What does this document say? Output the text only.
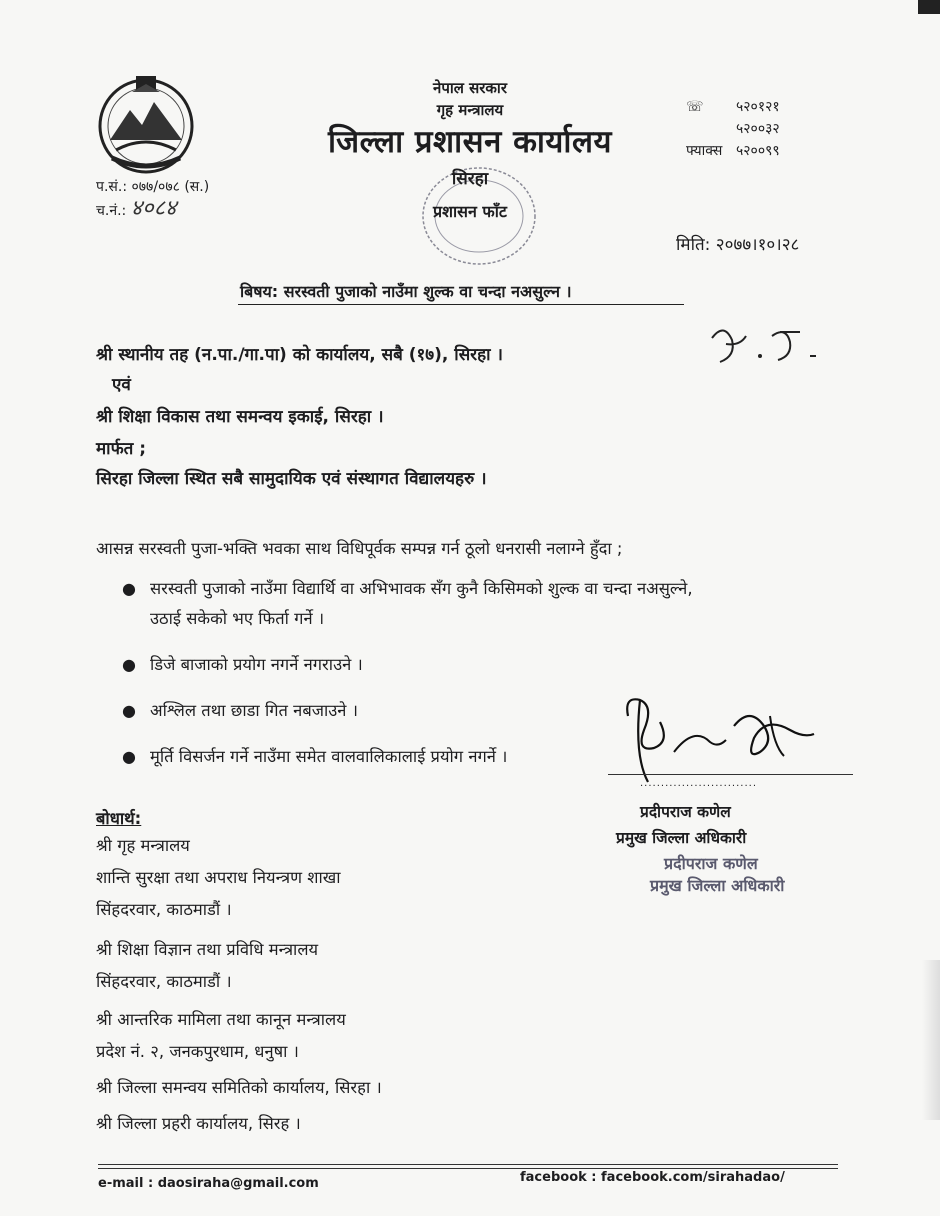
नेपाल सरकार
गृह मन्त्रालय
जिल्ला प्रशासन कार्यालय
सिरहा
प्रशासन फाँट
☏	५२०१२१
५२००३२
फ्याक्स ५२००९९
प.सं.: ०७७/०७८ (स.)
च.नं.: ४०८४
मिति: २०७७।१०।२८
बिषय: सरस्वती पुजाको नाउँमा शुल्क वा चन्दा नअसुल्न ।
श्री स्थानीय तह (न.पा./गा.पा) को कार्यालय, सबै (१७), सिरहा ।
एवं
श्री शिक्षा विकास तथा समन्वय इकाई, सिरहा ।
मार्फत ;
सिरहा जिल्ला स्थित सबै सामुदायिक एवं संस्थागत विद्यालयहरु ।
आसन्न सरस्वती पुजा-भक्ति भवका साथ विधिपूर्वक सम्पन्न गर्न ठूलो धनरासी नलाग्ने हुँदा ;
● सरस्वती पुजाको नाउँमा विद्यार्थि वा अभिभावक सँग कुनै किसिमको शुल्क वा चन्दा नअसुल्ने,
उठाई सकेको भए फिर्ता गर्ने ।
● डिजे बाजाको प्रयोग नगर्ने नगराउने ।
● अश्लिल तथा छाडा गित नबजाउने ।
● मूर्ति विसर्जन गर्ने नाउँमा समेत वालवालिकालाई प्रयोग नगर्ने ।
............................
प्रदीपराज कणेल
प्रमुख जिल्ला अधिकारी
प्रदीपराज कणेल
प्रमुख जिल्ला अधिकारी
बोधार्थ:
श्री गृह मन्त्रालय
शान्ति सुरक्षा तथा अपराध नियन्त्रण शाखा
सिंहदरवार, काठमाडौं ।
श्री शिक्षा विज्ञान तथा प्रविधि मन्त्रालय
सिंहदरवार, काठमाडौं ।
श्री आन्तरिक मामिला तथा कानून मन्त्रालय
प्रदेश नं. २, जनकपुरधाम, धनुषा ।
श्री जिल्ला समन्वय समितिको कार्यालय, सिरहा ।
श्री जिल्ला प्रहरी कार्यालय, सिरह ।
e-mail : daosiraha@gmail.com	facebook : facebook.com/sirahadao/
